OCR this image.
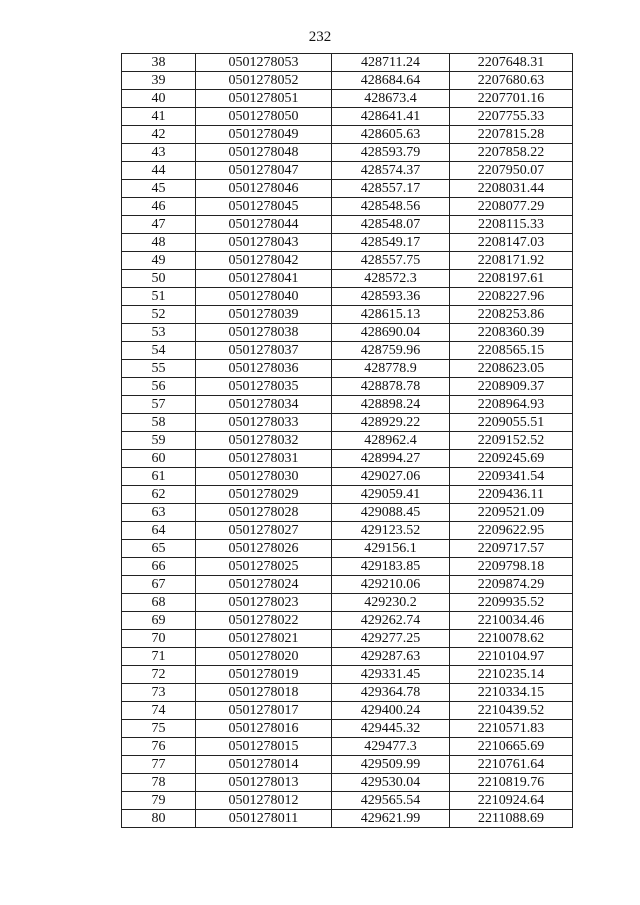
232
38	0501278053	428711.24	2207648.31
39	0501278052	428684.64	2207680.63
40	0501278051	428673.4	2207701.16
41	0501278050	428641.41	2207755.33
42	0501278049	428605.63	2207815.28
43	0501278048	428593.79	2207858.22
44	0501278047	428574.37	2207950.07
45	0501278046	428557.17	2208031.44
46	0501278045	428548.56	2208077.29
47	0501278044	428548.07	2208115.33
48	0501278043	428549.17	2208147.03
49	0501278042	428557.75	2208171.92
50	0501278041	428572.3	2208197.61
51	0501278040	428593.36	2208227.96
52	0501278039	428615.13	2208253.86
53	0501278038	428690.04	2208360.39
54	0501278037	428759.96	2208565.15
55	0501278036	428778.9	2208623.05
56	0501278035	428878.78	2208909.37
57	0501278034	428898.24	2208964.93
58	0501278033	428929.22	2209055.51
59	0501278032	428962.4	2209152.52
60	0501278031	428994.27	2209245.69
61	0501278030	429027.06	2209341.54
62	0501278029	429059.41	2209436.11
63	0501278028	429088.45	2209521.09
64	0501278027	429123.52	2209622.95
65	0501278026	429156.1	2209717.57
66	0501278025	429183.85	2209798.18
67	0501278024	429210.06	2209874.29
68	0501278023	429230.2	2209935.52
69	0501278022	429262.74	2210034.46
70	0501278021	429277.25	2210078.62
71	0501278020	429287.63	2210104.97
72	0501278019	429331.45	2210235.14
73	0501278018	429364.78	2210334.15
74	0501278017	429400.24	2210439.52
75	0501278016	429445.32	2210571.83
76	0501278015	429477.3	2210665.69
77	0501278014	429509.99	2210761.64
78	0501278013	429530.04	2210819.76
79	0501278012	429565.54	2210924.64
80	0501278011	429621.99	2211088.69
